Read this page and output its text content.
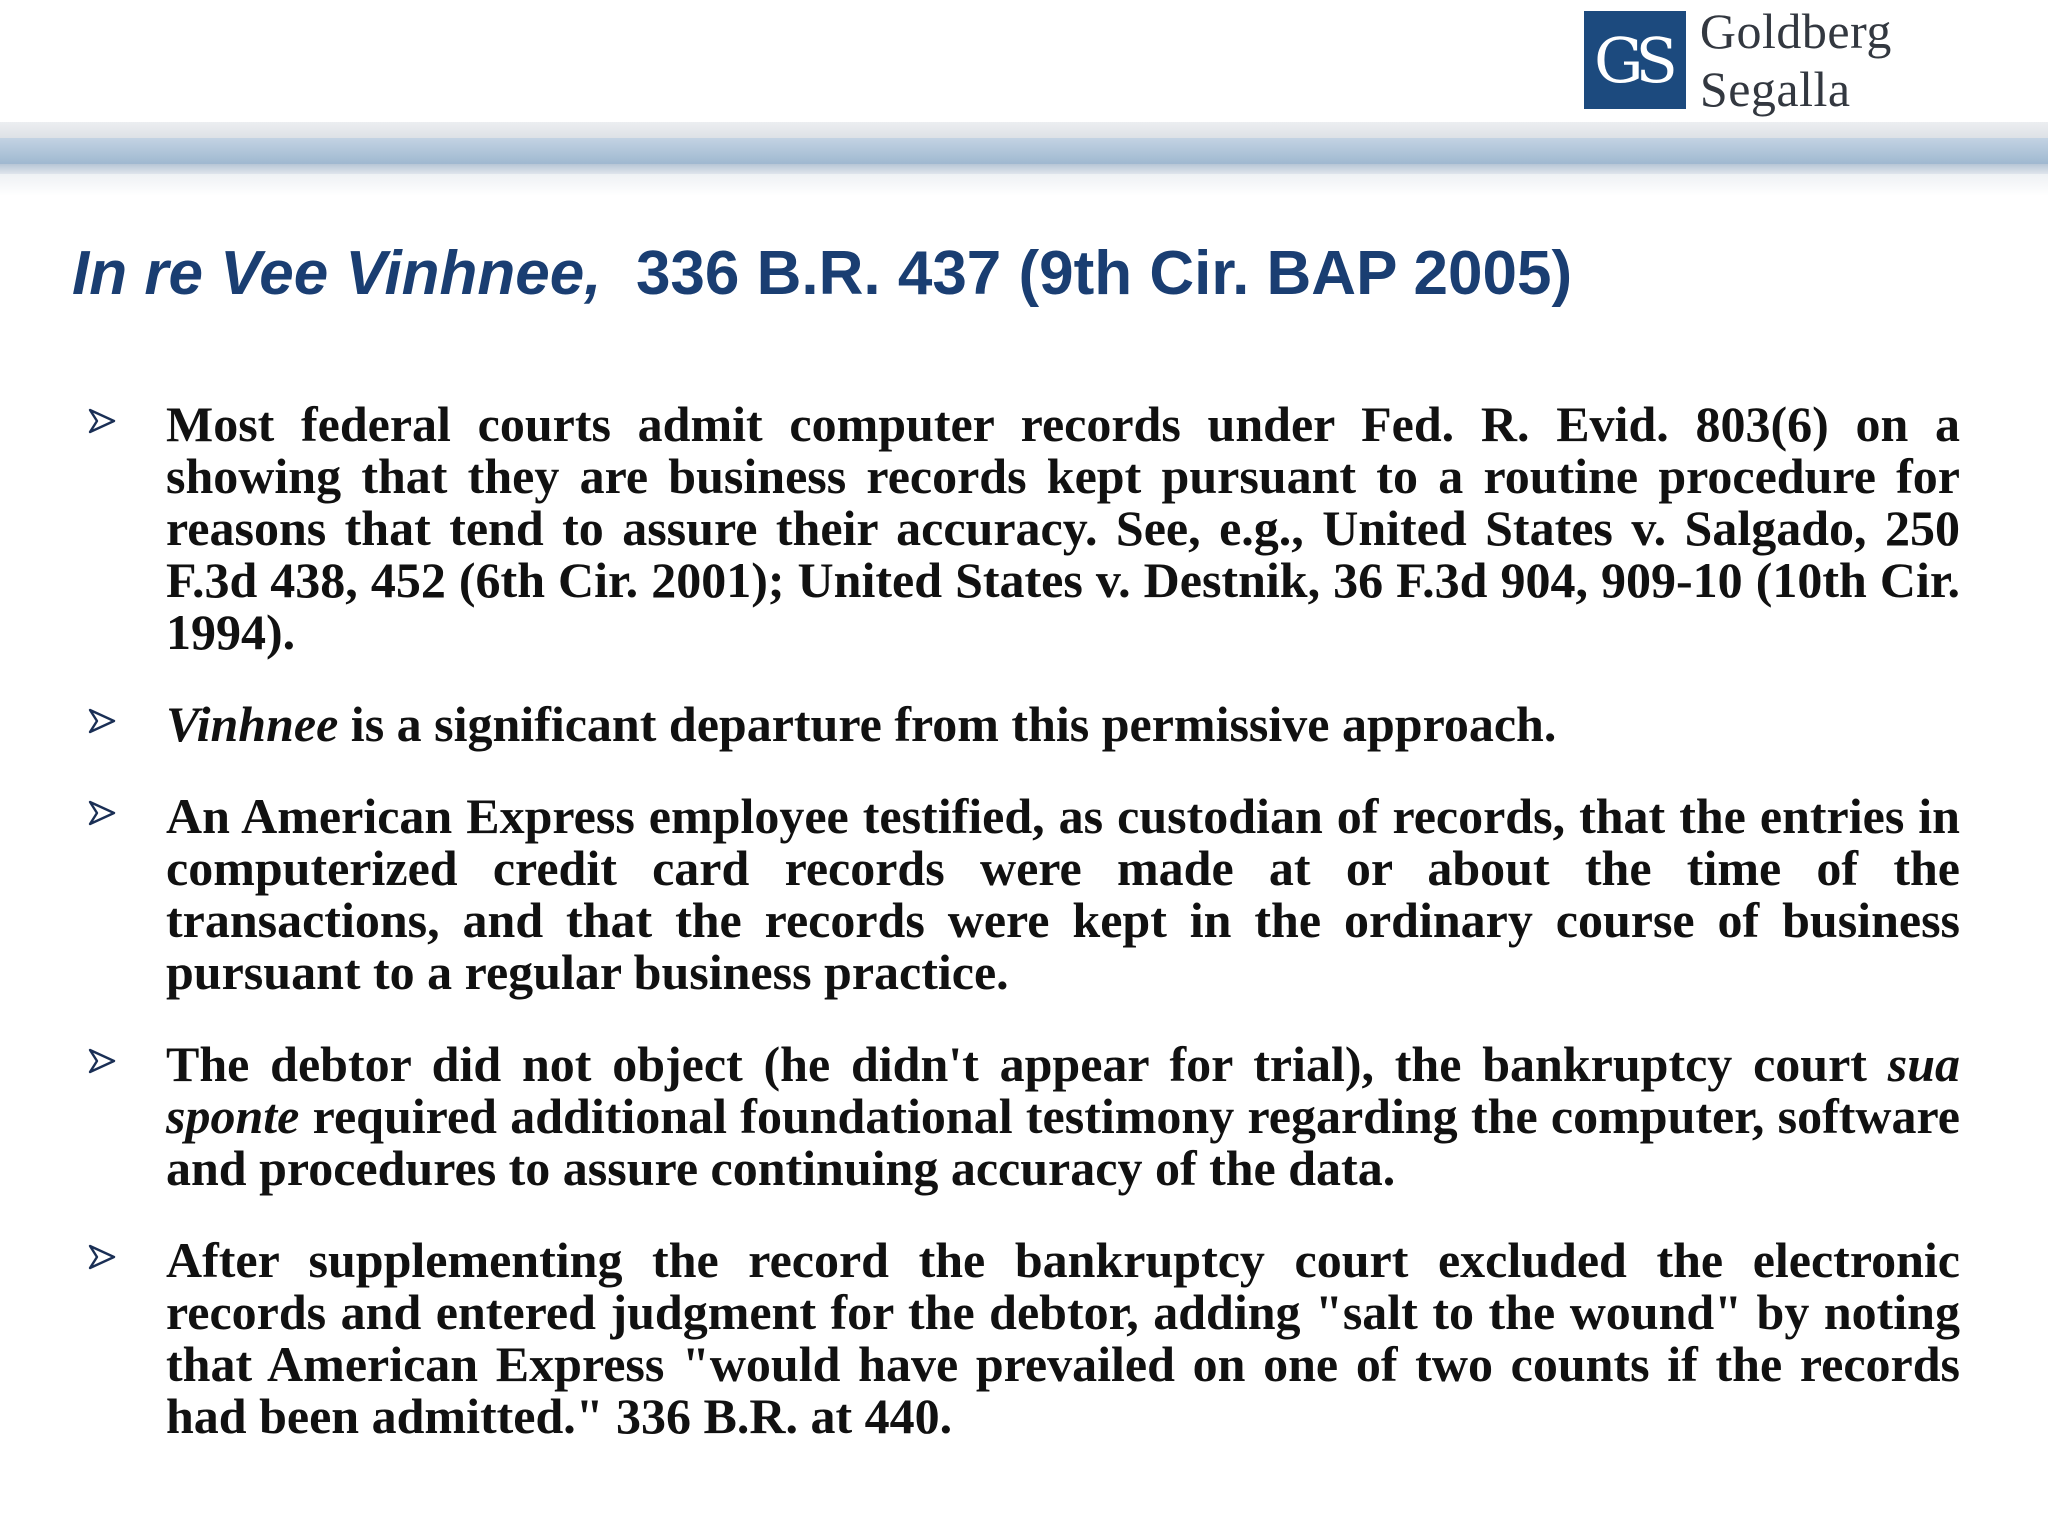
GS Goldberg Segalla
In re Vee Vinhnee, 336 B.R. 437 (9th Cir. BAP 2005)
Most federal courts admit computer records under Fed. R. Evid. 803(6) on a showing that they are business records kept pursuant to a routine procedure for reasons that tend to assure their accuracy. See, e.g., United States v. Salgado, 250 F.3d 438, 452 (6th Cir. 2001); United States v. Destnik, 36 F.3d 904, 909-10 (10th Cir. 1994).
Vinhnee is a significant departure from this permissive approach.
An American Express employee testified, as custodian of records, that the entries in computerized credit card records were made at or about the time of the transactions, and that the records were kept in the ordinary course of business pursuant to a regular business practice.
The debtor did not object (he didn't appear for trial), the bankruptcy court sua sponte required additional foundational testimony regarding the computer, software and procedures to assure continuing accuracy of the data.
After supplementing the record the bankruptcy court excluded the electronic records and entered judgment for the debtor, adding "salt to the wound" by noting that American Express "would have prevailed on one of two counts if the records had been admitted." 336 B.R. at 440.
